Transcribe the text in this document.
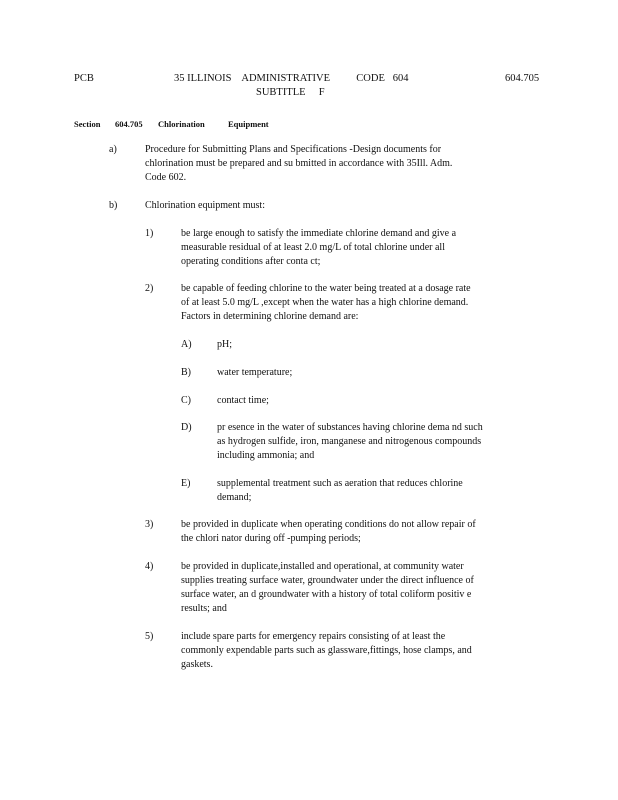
PCB	35 ILLINOIS    ADMINISTRATIVE          CODE   604
SUBTITLE     F
604.705
Section 604.705 Chlorination	Equipment
a)	Procedure for Submitting Plans and Specifications -Design documents for
chlorination must be prepared and su bmitted in accordance with 35Ill. Adm.
Code 602.
b)	Chlorination equipment must:
1)	be large enough to satisfy the immediate chlorine demand and give a
measurable residual of at least 2.0 mg/L of total chlorine under all
operating conditions after conta ct;
2)	be capable of feeding chlorine to the water being treated at a dosage rate
of at least 5.0 mg/L ,except when the water has a high chlorine demand.
Factors in determining chlorine demand are:
A)	pH;
B)	water temperature;
C)	contact time;
D)	pr esence in the water of substances having chlorine dema nd such
as hydrogen sulfide, iron, manganese and nitrogenous compounds
including ammonia; and
E)	supplemental treatment such as aeration that reduces chlorine
demand;
3)	be provided in duplicate when operating conditions do not allow repair of
the chlori nator during off -pumping periods;
4)	be provided in duplicate,installed and operational, at community water
supplies treating surface water, groundwater under the direct influence of
surface water, an d groundwater with a history of total coliform positiv e
results; and
5)	include spare parts for emergency repairs consisting of at least the
commonly expendable parts such as glassware,fittings, hose clamps, and
gaskets.
